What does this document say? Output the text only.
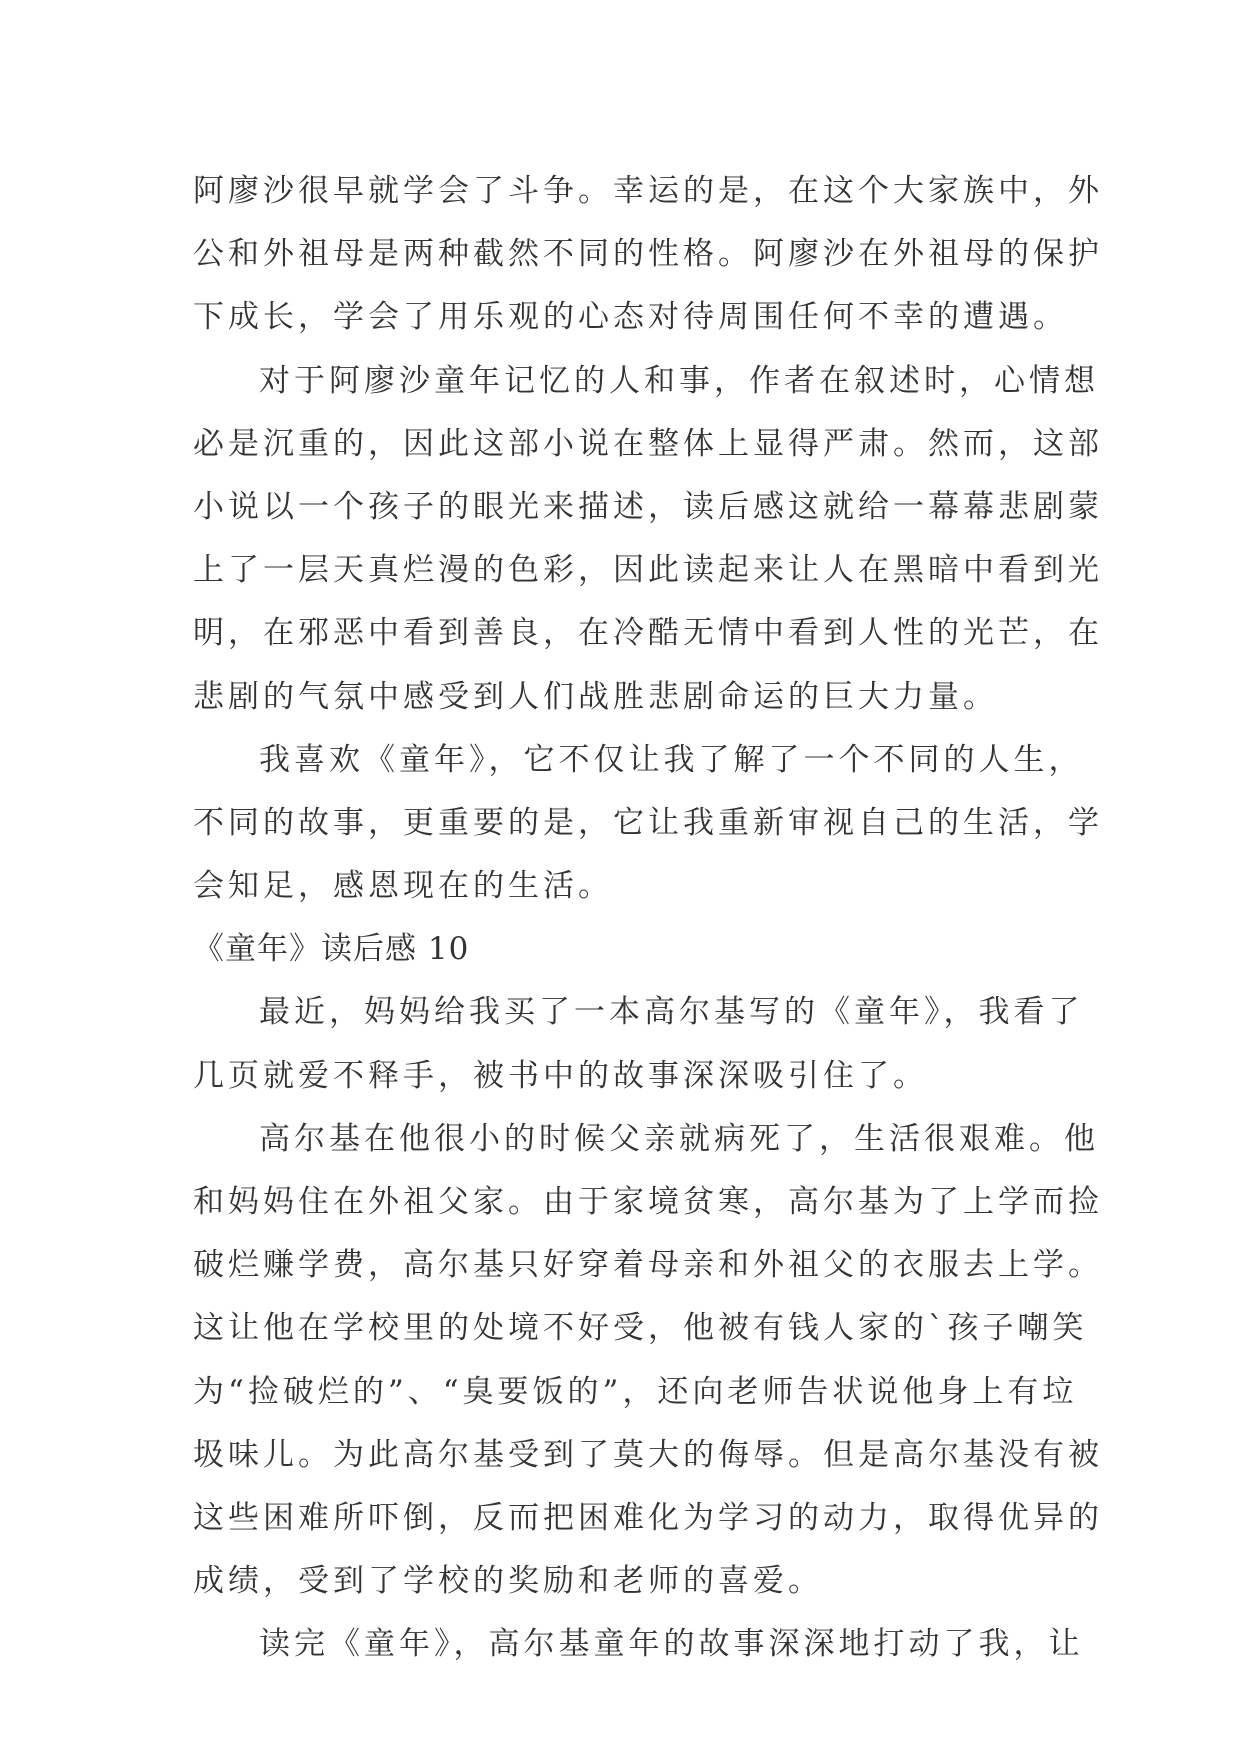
阿廖沙很早就学会了斗争。幸运的是，在这个大家族中，外
公和外祖母是两种截然不同的性格。阿廖沙在外祖母的保护
下成长，学会了用乐观的心态对待周围任何不幸的遭遇。
对于阿廖沙童年记忆的人和事，作者在叙述时，心情想
必是沉重的，因此这部小说在整体上显得严肃。然而，这部
小说以一个孩子的眼光来描述，读后感这就给一幕幕悲剧蒙
上了一层天真烂漫的色彩，因此读起来让人在黑暗中看到光
明，在邪恶中看到善良，在冷酷无情中看到人性的光芒，在
悲剧的气氛中感受到人们战胜悲剧命运的巨大力量。
我喜欢《童年》，它不仅让我了解了一个不同的人生，
不同的故事，更重要的是，它让我重新审视自己的生活，学
会知足，感恩现在的生活。
《童年》读后感 10
最近，妈妈给我买了一本高尔基写的《童年》，我看了
几页就爱不释手，被书中的故事深深吸引住了。
高尔基在他很小的时候父亲就病死了，生活很艰难。他
和妈妈住在外祖父家。由于家境贫寒，高尔基为了上学而捡
破烂赚学费，高尔基只好穿着母亲和外祖父的衣服去上学。
这让他在学校里的处境不好受，他被有钱人家的`孩子嘲笑
为“捡破烂的”、“臭要饭的”，还向老师告状说他身上有垃
圾味儿。为此高尔基受到了莫大的侮辱。但是高尔基没有被
这些困难所吓倒，反而把困难化为学习的动力，取得优异的
成绩，受到了学校的奖励和老师的喜爱。
读完《童年》，高尔基童年的故事深深地打动了我，让
